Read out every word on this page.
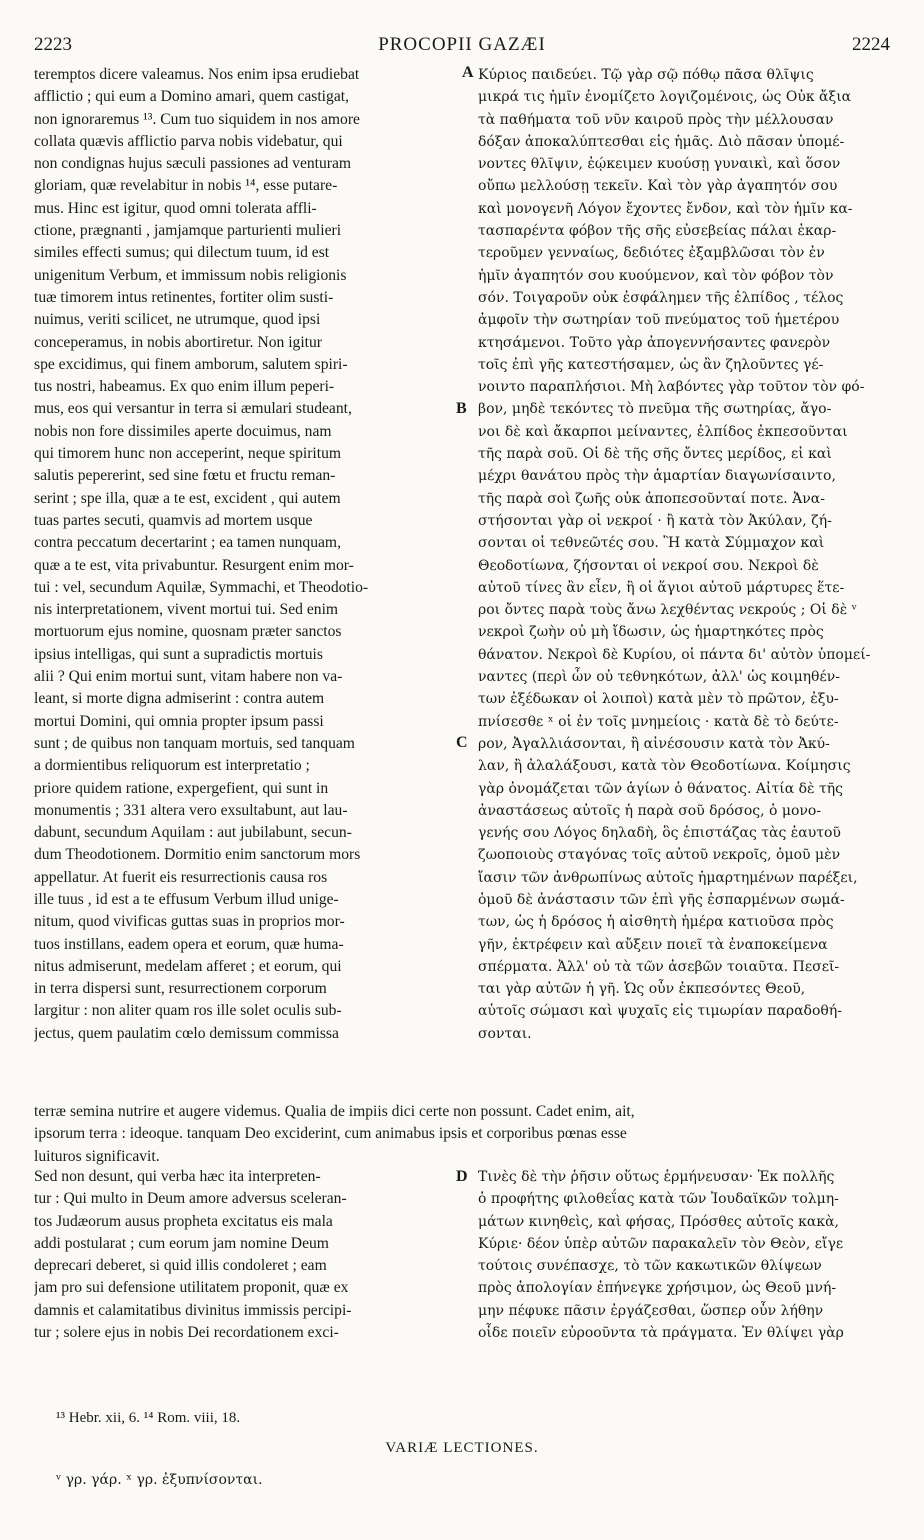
2223	PROCOPII GAZÆI	2224
teremptos dicere valeamus. Nos enim ipsa erudiebat
afflictio ; qui eum a Domino amari, quem castigat,
non ignoraremus ¹³. Cum tuo siquidem in nos amore
collata quævis afflictio parva nobis videbatur, qui
non condignas hujus sæculi passiones ad venturam
gloriam, quæ revelabitur in nobis ¹⁴, esse putare-
mus. Hinc est igitur, quod omni tolerata affli-
ctione, prægnanti , jamjamque parturienti mulieri
similes effecti sumus; qui dilectum tuum, id est
unigenitum Verbum, et immissum nobis religionis
tuæ timorem intus retinentes, fortiter olim susti-
nuimus, veriti scilicet, ne utrumque, quod ipsi
conceperamus, in nobis abortiretur. Non igitur
spe excidimus, qui finem amborum, salutem spiri-
tus nostri, habeamus. Ex quo enim illum peperi-
mus, eos qui versantur in terra si æmulari studeant,
nobis non fore dissimiles aperte docuimus, nam
qui timorem hunc non acceperint, neque spiritum
salutis pepererint, sed sine fœtu et fructu reman-
serint ; spe illa, quæ a te est, excident , qui autem
tuas partes secuti, quamvis ad mortem usque
contra peccatum decertarint ; ea tamen nunquam,
quæ a te est, vita privabuntur. Resurgent enim mor-
tui : vel, secundum Aquilæ, Symmachi, et Theodotio-
nis interpretationem, vivent mortui tui. Sed enim
mortuorum ejus nomine, quosnam præter sanctos
ipsius intelligas, qui sunt a supradictis mortuis
alii ? Qui enim mortui sunt, vitam habere non va-
leant, si morte digna admiserint : contra autem
mortui Domini, qui omnia propter ipsum passi
sunt ; de quibus non tanquam mortuis, sed tanquam
a dormientibus reliquorum est interpretatio ;
priore quidem ratione, expergefient, qui sunt in
monumentis ; 331 altera vero exsultabunt, aut lau-
dabunt, secundum Aquilam : aut jubilabunt, secun-
dum Theodotionem. Dormitio enim sanctorum mors
appellatur. At fuerit eis resurrectionis causa ros
ille tuus , id est a te effusum Verbum illud unige-
nitum, quod vivificas guttas suas in proprios mor-
tuos instillans, eadem opera et eorum, quæ huma-
nitus admiserunt, medelam afferet ; et eorum, qui
in terra dispersi sunt, resurrectionem corporum
largitur : non aliter quam ros ille solet oculis sub-
jectus, quem paulatim cœlo demissum commissa
Κύριος παιδεύει. Τῷ γὰρ σῷ πόθῳ πᾶσα θλῖψις
μικρά τις ἡμῖν ἐνομίζετο λογιζομένοις, ὡς Οὐκ ἄξια
τὰ παθήματα τοῦ νῦν καιροῦ πρὸς τὴν μέλλουσαν
δόξαν ἀποκαλύπτεσθαι εἰς ἡμᾶς. Διὸ πᾶσαν ὑπομέ-
νοντες θλῖψιν, ἐῴκειμεν κυούσῃ γυναικὶ, καὶ ὅσον
οὔπω μελλούσῃ τεκεῖν. Καὶ τὸν γὰρ ἀγαπητόν σου
καὶ μονογενῆ Λόγον ἔχοντες ἔνδον, καὶ τὸν ἡμῖν κα-
τασπαρέντα φόβον τῆς σῆς εὐσεβείας πάλαι ἐκαρ-
τεροῦμεν γενναίως, δεδιότες ἐξαμβλῶσαι τὸν ἐν
ἡμῖν ἀγαπητόν σου κυούμενον, καὶ τὸν φόβον τὸν
σόν. Τοιγαροῦν οὐκ ἐσφάλημεν τῆς ἐλπίδος , τέλος
ἀμφοῖν τὴν σωτηρίαν τοῦ πνεύματος τοῦ ἡμετέρου
κτησάμενοι. Τοῦτο γὰρ ἀπογεννήσαντες φανερὸν
τοῖς ἐπὶ γῆς κατεστήσαμεν, ὡς ἂν ζηλοῦντες γέ-
νοιντο παραπλήσιοι. Μὴ λαβόντες γὰρ τοῦτον τὸν φό-
βον, μηδὲ τεκόντες τὸ πνεῦμα τῆς σωτηρίας, ἄγο-
νοι δὲ καὶ ἄκαρποι μείναντες, ἐλπίδος ἐκπεσοῦνται
τῆς παρὰ σοῦ. Οἱ δὲ τῆς σῆς ὄντες μερίδος, εἰ καὶ
μέχρι θανάτου πρὸς τὴν ἁμαρτίαν διαγωνίσαιντο,
τῆς παρὰ σοὶ ζωῆς οὐκ ἀποπεσοῦνταί ποτε. Ἀνα-
στήσονται γὰρ οἱ νεκροί · ἢ κατὰ τὸν Ἀκύλαν, ζή-
σονται οἱ τεθνεῶτές σου. Ἢ κατὰ Σύμμαχον καὶ
Θεοδοτίωνα, ζήσονται οἱ νεκροί σου. Νεκροὶ δὲ
αὐτοῦ τίνες ἂν εἶεν, ἢ οἱ ἅγιοι αὐτοῦ μάρτυρες ἕτε-
ροι ὄντες παρὰ τοὺς ἄνω λεχθέντας νεκρούς ; Οἱ δὲ ᵛ
νεκροὶ ζωὴν οὐ μὴ ἴδωσιν, ὡς ἡμαρτηκότες πρὸς
θάνατον. Νεκροὶ δὲ Κυρίου, οἱ πάντα δι' αὐτὸν ὑπομεί-
ναντες (περὶ ὧν οὐ τεθνηκότων, ἀλλ' ὡς κοιμηθέν-
των ἐξέδωκαν οἱ λοιποὶ) κατὰ μὲν τὸ πρῶτον, ἐξυ-
πνίσεσθε ˣ οἱ ἐν τοῖς μνημείοις · κατὰ δὲ τὸ δεύτε-
ρον, Ἀγαλλιάσονται, ἢ αἰνέσουσιν κατὰ τὸν Ἀκύ-
λαν, ἢ ἀλαλάξουσι, κατὰ τὸν Θεοδοτίωνα. Κοίμησις
γὰρ ὀνομάζεται τῶν ἁγίων ὁ θάνατος. Αἰτία δὲ τῆς
ἀναστάσεως αὐτοῖς ἡ παρὰ σοῦ δρόσος, ὁ μονο-
γενής σου Λόγος δηλαδὴ, ὃς ἐπιστάζας τὰς ἑαυτοῦ
ζωοποιοὺς σταγόνας τοῖς αὐτοῦ νεκροῖς, ὁμοῦ μὲν
ἴασιν τῶν ἀνθρωπίνως αὐτοῖς ἡμαρτημένων παρέξει,
ὁμοῦ δὲ ἀνάστασιν τῶν ἐπὶ γῆς ἐσπαρμένων σωμά-
των, ὡς ἡ δρόσος ἡ αἰσθητὴ ἡμέρα κατιοῦσα πρὸς
γῆν, ἐκτρέφειν καὶ αὔξειν ποιεῖ τὰ ἐναποκείμενα
σπέρματα. Ἀλλ' οὐ τὰ τῶν ἀσεβῶν τοιαῦτα. Πεσεῖ-
ται γὰρ αὐτῶν ἡ γῆ. Ὡς οὖν ἐκπεσόντες Θεοῦ,
αὐτοῖς σώμασι καὶ ψυχαῖς εἰς τιμωρίαν παραδοθή-
σονται.
A
B
C
D
terræ semina nutrire et augere videmus. Qualia de impiis dici certe non possunt. Cadet enim, ait,
ipsorum terra : ideoque. tanquam Deo exciderint, cum animabus ipsis et corporibus pœnas esse
luituros significavit.
Sed non desunt, qui verba hæc ita interpreten-
tur : Qui multo in Deum amore adversus sceleran-
tos Judæorum ausus propheta excitatus eis mala
addi postularat ; cum eorum jam nomine Deum
deprecari deberet, si quid illis condoleret ; eam
jam pro sui defensione utilitatem proponit, quæ ex
damnis et calamitatibus divinitus immissis percipi-
tur ; solere ejus in nobis Dei recordationem exci-
Τινὲς δὲ τὴν ῥῆσιν οὕτως ἑρμήνευσαν· Ἐκ πολλῆς
ὁ προφήτης φιλοθεΐας κατὰ τῶν Ἰουδαϊκῶν τολμη-
μάτων κινηθεὶς, καὶ φήσας, Πρόσθες αὐτοῖς κακὰ,
Κύριε· δέον ὑπὲρ αὐτῶν παρακαλεῖν τὸν Θεὸν, εἴγε
τούτοις συνέπασχε, τὸ τῶν κακωτικῶν θλίψεων
πρὸς ἀπολογίαν ἐπήνεγκε χρήσιμον, ὡς Θεοῦ μνή-
μην πέφυκε πᾶσιν ἐργάζεσθαι, ὥσπερ οὖν λήθην
οἶδε ποιεῖν εὐροοῦντα τὰ πράγματα. Ἐν θλίψει γὰρ
¹³ Hebr. xii, 6. ¹⁴ Rom. viii, 18.
VARIÆ LECTIONES.
ᵛ γρ. γάρ. ˣ γρ. ἐξυπνίσονται.
